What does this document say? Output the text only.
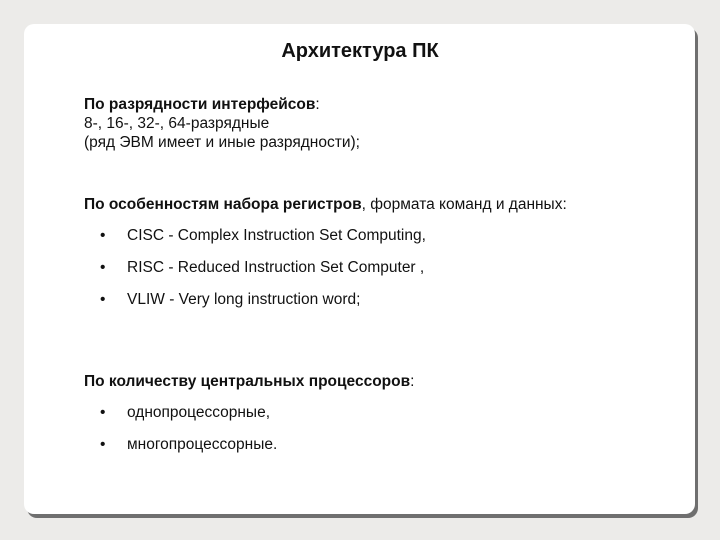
Архитектура ПК

По разрядности интерфейсов:

8-, 16-, 32-, 64-разрядные

(ряд ЭВМ имеет и иные разрядности);

По особенностям набора регистров, формата команд и данных:

• CISC - Complex Instruction Set Computing,
• RISC - Reduced Instruction Set Computer ,
• VLIW - Very long instruction word;

По количеству центральных процессоров:

• однопроцессорные,
• многопроцессорные.
